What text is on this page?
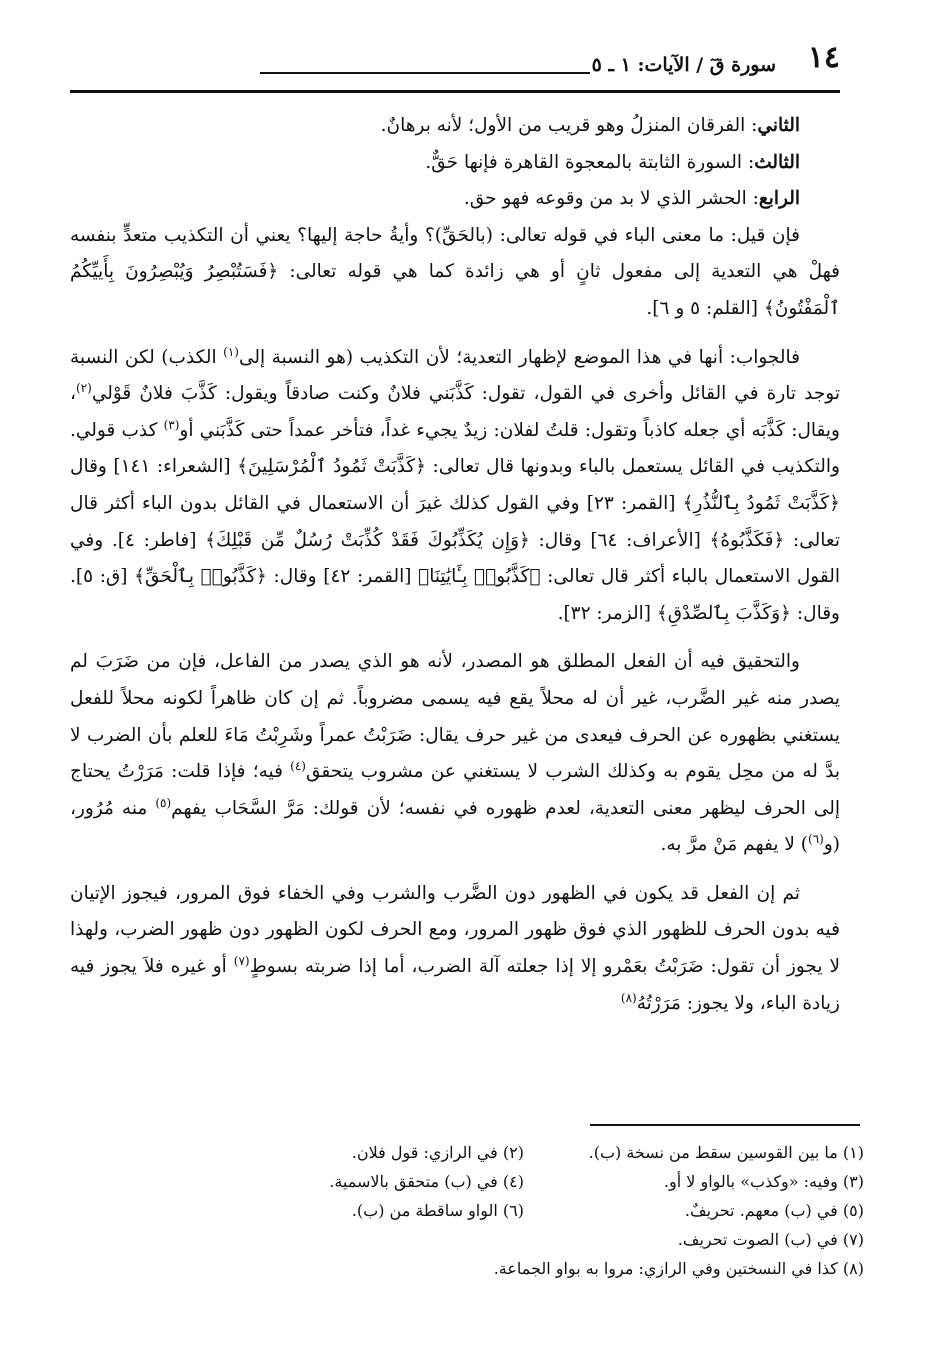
١٤
سورة قٓ / الآيات: ١ ـ ٥

الثاني: الفرقان المنزلُ وهو قريب من الأول؛ لأنه برهانٌ.

الثالث: السورة الثابتة بالمعجوة القاهرة فإنها حَقٌّ.

الرابع: الحشر الذي لا بد من وقوعه فهو حق.

فإن قيل: ما معنى الباء في قوله تعالى: (بالحَقِّ)؟ وأيةُ حاجة إليها؟ يعني أن التكذيب متعدٍّ بنفسه فهلْ هي التعدية إلى مفعول ثانٍ أو هي زائدة كما هي قوله تعالى: ﴿فَسَتُبْصِرُ وَيُبْصِرُونَ بِأَييِّكُمُ ٱلْمَفْتُونُ﴾ [القلم: ٥ و ٦].

فالجواب: أنها في هذا الموضع لإظهار التعدية؛ لأن التكذيب (هو النسبة إلى$^{(١)}$ الكذب) لكن النسبة توجد تارة في القائل وأخرى في القول، تقول: كَذَّبَني فلانٌ وكنت صادقاً ويقول: كَذَّبَ فلانٌ قَوْلي$^{(٢)}$، ويقال: كَذَّبَه أي جعله كاذباً وتقول: قلتُ لفلان: زيدٌ يجيء غداً، فتأخر عمداً حتى كَذَّبَني أو$^{(٣)}$ كذب قولي. والتكذيب في القائل يستعمل بالباء وبدونها قال تعالى: ﴿كَذَّبَتْ ثَمُودُ ٱلْمُرْسَلِينَ﴾ [الشعراء: ١٤١] وقال ﴿كَذَّبَتْ ثَمُودُ بِٱلنُّذُرِ﴾ [القمر: ٢٣] وفي القول كذلك غيرَ أن الاستعمال في القائل بدون الباء أكثر قال تعالى: ﴿فَكَذَّبُوهُ﴾ [الأعراف: ٦٤] وقال: ﴿وَإِن يُكَذِّبُوكَ فَقَدْ كُذِّبَتْ رُسُلٌ مِّن قَبْلِكَ﴾ [فاطر: ٤]. وفي القول الاستعمال بالباء أكثر قال تعالى: ﴿كَذَّبُوا۟ بِـَٔايَٰتِنَا﴾ [القمر: ٤٢] وقال: ﴿كَذَّبُوا۟ بِٱلْحَقِّ﴾ [ق: ٥]. وقال: ﴿وَكَذَّبَ بِٱلصِّدْقِ﴾ [الزمر: ٣٢].

والتحقيق فيه أن الفعل المطلق هو المصدر، لأنه هو الذي يصدر من الفاعل، فإن من ضَرَبَ لم يصدر منه غير الضَّرب، غير أن له محلاً يقع فيه يسمى مضروباً. ثم إن كان ظاهراً لكونه محلاً للفعل يستغني بظهوره عن الحرف فيعدى من غير حرف يقال: ضَرَبْتُ عمراً وشَرِبْتُ مَاءَ للعلم بأن الضرب لا بدَّ له من محِل يقوم به وكذلك الشرب لا يستغني عن مشروب يتحقق$^{(٤)}$ فيه؛ فإذا قلت: مَرَرْتُ يحتاج إلى الحرف ليظهر معنى التعدية، لعدم ظهوره في نفسه؛ لأن قولك: مَرَّ السَّحَاب يفهم$^{(٥)}$ منه مُرُور، (و$^{(٦)}$) لا يفهم مَنْ مرَّ به.

ثم إن الفعل قد يكون في الظهور دون الضَّرب والشرب وفي الخفاء فوق المرور، فيجوز الإتيان فيه بدون الحرف للظهور الذي فوق ظهور المرور، ومع الحرف لكون الظهور دون ظهور الضرب، ولهذا لا يجوز أن تقول: ضَرَبْتُ بعَمْرو إلا إذا جعلته آلة الضرب، أما إذا ضربته بسوطٍ$^{(٧)}$ أو غيره فلاَ يجوز فيه زيادة الباء، ولا يجوز: مَرَرْتُهُ$^{(٨)}$

(١) ما بين القوسين سقط من نسخة (ب).
(٢) في الرازي: قول فلان.
(٣) وفيه: «وكذب» بالواو لا أو.
(٤) في (ب) متحقق بالاسمية.
(٥) في (ب) معهم. تحريفٌ.
(٦) الواو ساقطة من (ب).
(٧) في (ب) الصوت تحريف.
(٨) كذا في النسختين وفي الرازي: مروا به بواو الجماعة.
